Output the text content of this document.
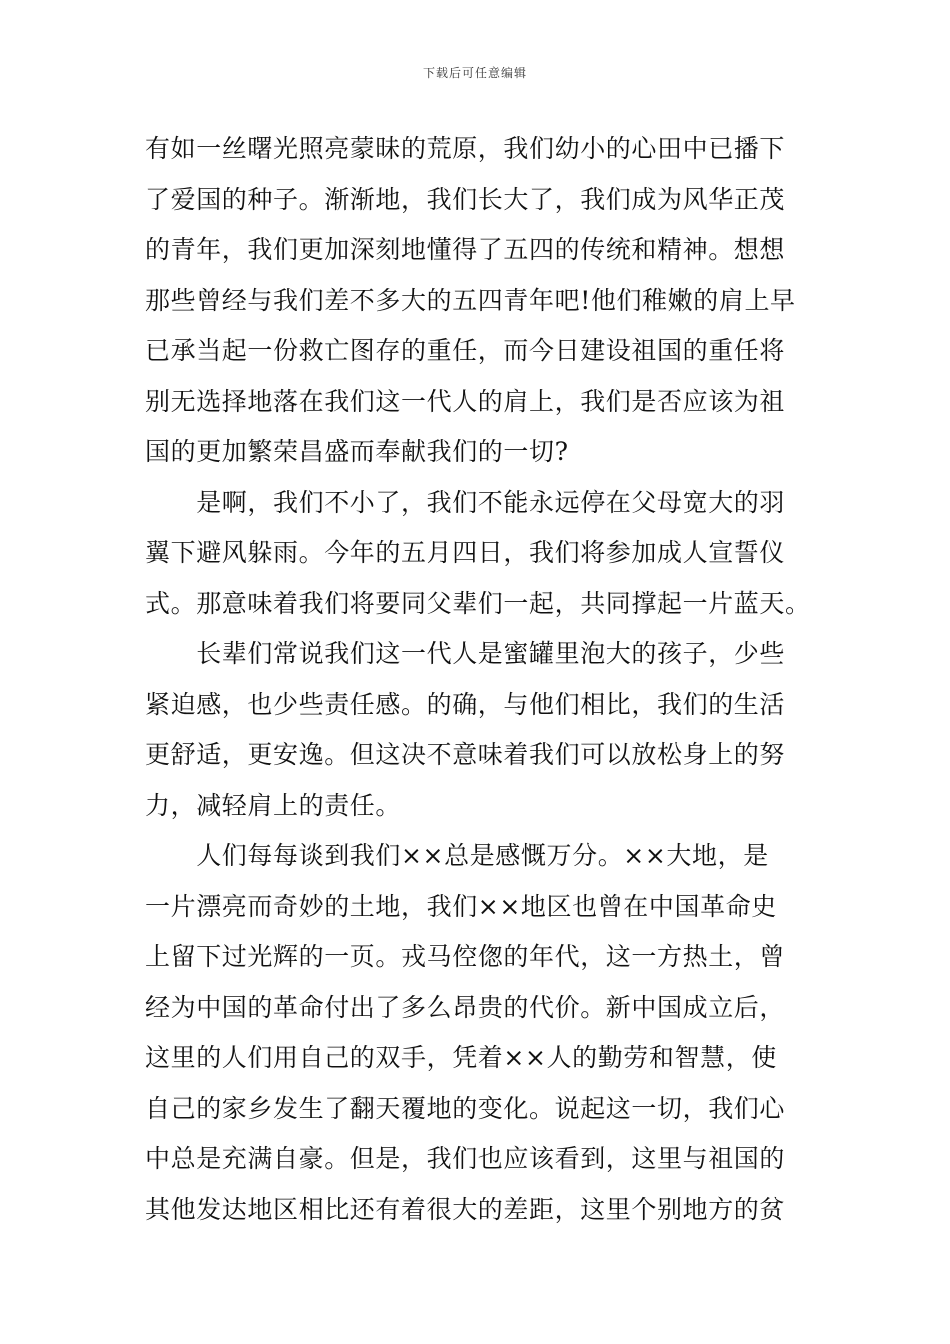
下载后可任意编辑
有如一丝曙光照亮蒙昧的荒原，我们幼小的心田中已播下
了爱国的种子。渐渐地，我们长大了，我们成为风华正茂
的青年，我们更加深刻地懂得了五四的传统和精神。想想
那些曾经与我们差不多大的五四青年吧!他们稚嫩的肩上早
已承当起一份救亡图存的重任，而今日建设祖国的重任将
别无选择地落在我们这一代人的肩上，我们是否应该为祖
国的更加繁荣昌盛而奉献我们的一切?
　　是啊，我们不小了，我们不能永远停在父母宽大的羽
翼下避风躲雨。今年的五月四日，我们将参加成人宣誓仪
式。那意味着我们将要同父辈们一起，共同撑起一片蓝天。
　　长辈们常说我们这一代人是蜜罐里泡大的孩子，少些
紧迫感，也少些责任感。的确，与他们相比，我们的生活
更舒适，更安逸。但这决不意味着我们可以放松身上的努
力，减轻肩上的责任。
　　人们每每谈到我们××总是感慨万分。××大地，是
一片漂亮而奇妙的土地，我们××地区也曾在中国革命史
上留下过光辉的一页。戎马倥偬的年代，这一方热土，曾
经为中国的革命付出了多么昂贵的代价。新中国成立后，
这里的人们用自己的双手，凭着××人的勤劳和智慧，使
自己的家乡发生了翻天覆地的变化。说起这一切，我们心
中总是充满自豪。但是，我们也应该看到，这里与祖国的
其他发达地区相比还有着很大的差距，这里个别地方的贫
